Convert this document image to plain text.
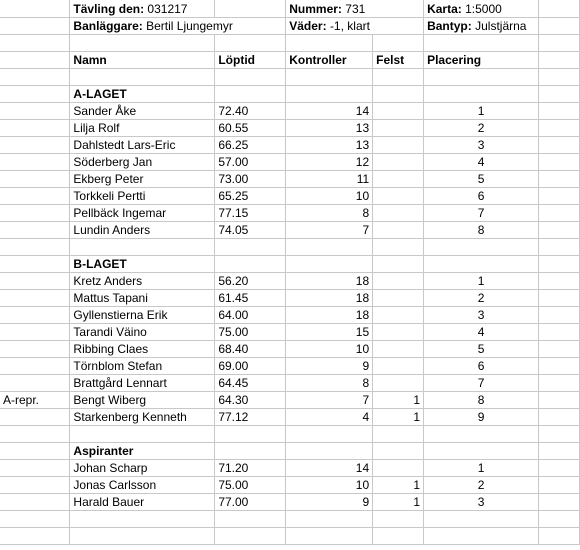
	Tävling den: 031217		Nummer: 731		Karta: 1:5000	
	Banläggare: Bertil Ljungemyr		Väder: -1, klart		Bantyp: Julstjärna	

	Namn	Löptid	Kontroller	Felst	Placering	

	A-LAGET					
	Sander Åke	72.40	14		1	
	Lilja Rolf	60.55	13		2	
	Dahlstedt Lars-Eric	66.25	13		3	
	Söderberg Jan	57.00	12		4	
	Ekberg Peter	73.00	11		5	
	Torkkeli Pertti	65.25	10		6	
	Pellbäck Ingemar	77.15	8		7	
	Lundin Anders	74.05	7		8	

	B-LAGET					
	Kretz Anders	56.20	18		1	
	Mattus Tapani	61.45	18		2	
	Gyllenstierna Erik	64.00	18		3	
	Tarandi Väino	75.00	15		4	
	Ribbing Claes	68.40	10		5	
	Törnblom Stefan	69.00	9		6	
	Brattgård Lennart	64.45	8		7	
A-repr.	Bengt Wiberg	64.30	7	1	8	
	Starkenberg Kenneth	77.12	4	1	9	

	Aspiranter					
	Johan Scharp	71.20	14		1	
	Jonas Carlsson	75.00	10	1	2	
	Harald Bauer	77.00	9	1	3	
